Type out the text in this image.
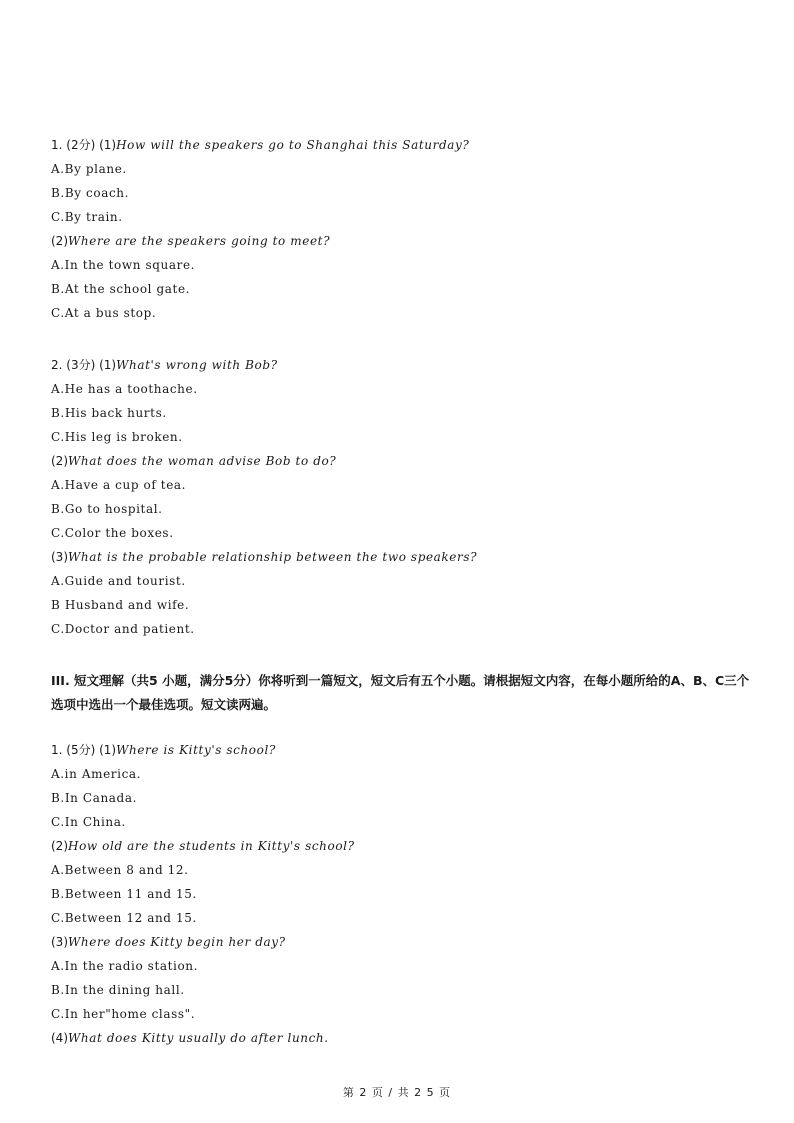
1. (2分) (1)How will the speakers go to Shanghai this Saturday?
A.By plane.
B.By coach.
C.By train.
(2)Where are the speakers going to meet?
A.In the town square.
B.At the school gate.
C.At a bus stop.
2. (3分) (1)What's wrong with Bob?
A.He has a toothache.
B.His back hurts.
C.His leg is broken.
(2)What does the woman advise Bob to do?
A.Have a cup of tea.
B.Go to hospital.
C.Color the boxes.
(3)What is the probable relationship between the two speakers?
A.Guide and tourist.
B Husband and wife.
C.Doctor and patient.
III. 短文理解（共5 小题，满分5分）你将听到一篇短文，短文后有五个小题。请根据短文内容，在每小题所给的A、B、C三个选项中选出一个最佳选项。短文读两遍。
1. (5分) (1)Where is Kitty's school?
A.in America.
B.In Canada.
C.In China.
(2)How old are the students in Kitty's school?
A.Between 8 and 12.
B.Between 11 and 15.
C.Between 12 and 15.
(3)Where does Kitty begin her day?
A.In the radio station.
B.In the dining hall.
C.In her"home class".
(4)What does Kitty usually do after lunch.
第 2 页 / 共 2 5 页
